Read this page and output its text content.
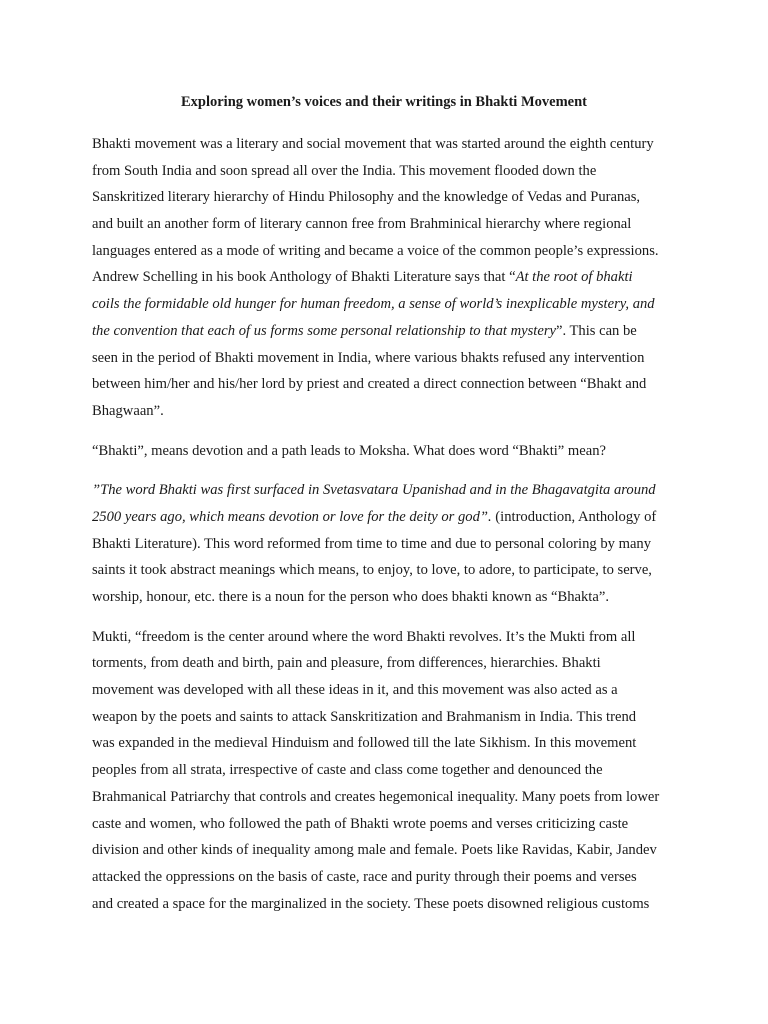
Exploring women’s voices and their writings in Bhakti Movement
Bhakti movement was a literary and social movement that was started around the eighth century
from South India and soon spread all over the India. This movement flooded down the
Sanskritized literary hierarchy of Hindu Philosophy and the knowledge of Vedas and Puranas,
and built an another form of literary cannon free from Brahminical hierarchy where regional
languages entered as a mode of writing and became a voice of the common people’s expressions.
Andrew Schelling in his book Anthology of Bhakti Literature says that “At the root of bhakti
coils the formidable old hunger for human freedom, a sense of world’s inexplicable mystery, and
the convention that each of us forms some personal relationship to that mystery”. This can be
seen in the period of Bhakti movement in India, where various bhakts refused any intervention
between him/her and his/her lord by priest and created a direct connection between “Bhakt and
Bhagwaan”.
“Bhakti”, means devotion and a path leads to Moksha. What does word “Bhakti” mean?
”The word Bhakti was first surfaced in Svetasvatara Upanishad and in the Bhagavatgita around
2500 years ago, which means devotion or love for the deity or god”. (introduction, Anthology of
Bhakti Literature). This word reformed from time to time and due to personal coloring by many
saints it took abstract meanings which means, to enjoy, to love, to adore, to participate, to serve,
worship, honour, etc. there is a noun for the person who does bhakti known as “Bhakta”.
Mukti, “freedom is the center around where the word Bhakti revolves. It’s the Mukti from all
torments, from death and birth, pain and pleasure, from differences, hierarchies. Bhakti
movement was developed with all these ideas in it, and this movement was also acted as a
weapon by the poets and saints to attack Sanskritization and Brahmanism in India. This trend
was expanded in the medieval Hinduism and followed till the late Sikhism. In this movement
peoples from all strata, irrespective of caste and class come together and denounced the
Brahmanical Patriarchy that controls and creates hegemonical inequality. Many poets from lower
caste and women, who followed the path of Bhakti wrote poems and verses criticizing caste
division and other kinds of inequality among male and female. Poets like Ravidas, Kabir, Jandev
attacked the oppressions on the basis of caste, race and purity through their poems and verses
and created a space for the marginalized in the society. These poets disowned religious customs
